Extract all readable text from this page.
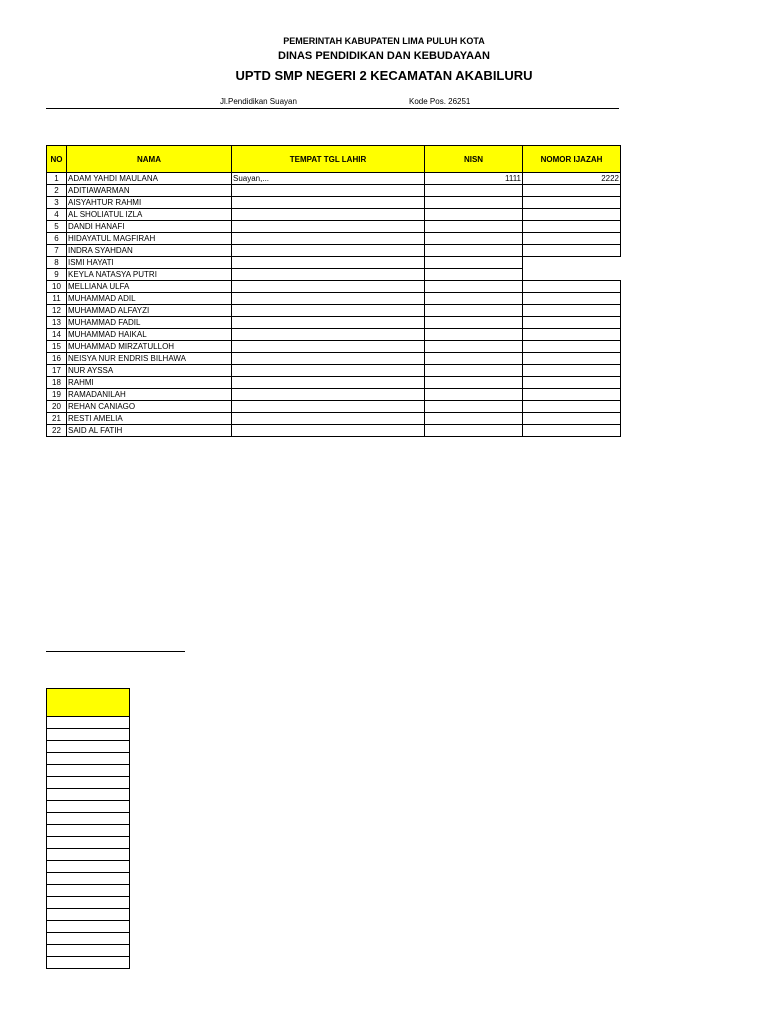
PEMERINTAH KABUPATEN LIMA PULUH KOTA
DINAS PENDIDIKAN DAN KEBUDAYAAN
UPTD SMP NEGERI 2 KECAMATAN AKABILURU
Jl.Pendidikan Suayan	Kode Pos. 26251
NO	NAMA	TEMPAT TGL LAHIR	NISN	NOMOR IJAZAH
1	ADAM YAHDI MAULANA	Suayan,...	1111	2222
2	ADITIAWARMAN			
3	AISYAHTUR RAHMI			
4	AL SHOLIATUL IZLA			
5	DANDI HANAFI			
6	HIDAYATUL MAGFIRAH			
7	INDRA SYAHDAN			
8	ISMI HAYATI			
9	KEYLA NATASYA PUTRI			
10	MELLIANA ULFA			
11	MUHAMMAD ADIL			
12	MUHAMMAD ALFAYZI			
13	MUHAMMAD FADIL			
14	MUHAMMAD HAIKAL			
15	MUHAMMAD MIRZATULLOH			
16	NEISYA NUR ENDRIS BILHAWA			
17	NUR AYSSA			
18	RAHMI			
19	RAMADANILAH			
20	REHAN CANIAGO			
21	RESTI AMELIA			
22	SAID AL FATIH			
